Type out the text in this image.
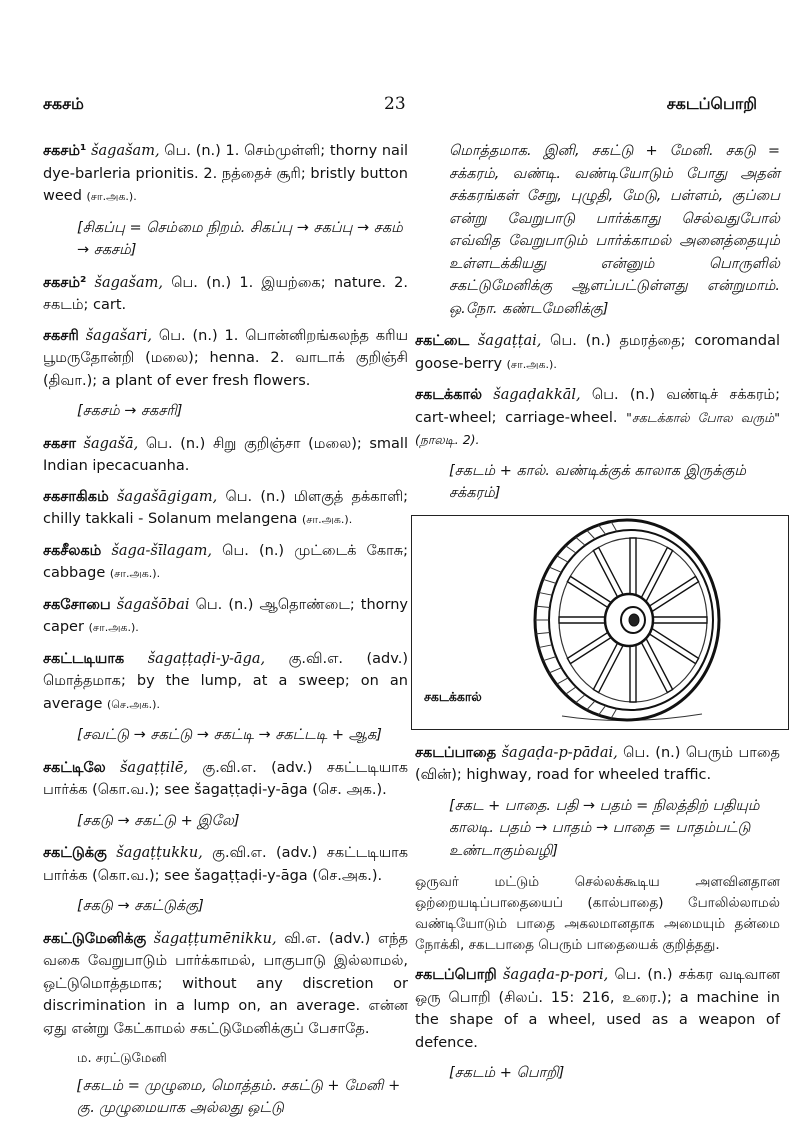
சகசம்	23	சகடப்பொறி
சகசம்¹ šagašam, பெ. (n.) 1. செம்முள்ளி; thorny nail dye-barleria prionitis. 2. நத்தைச் சூரி; bristly button weed (சா.அக.).
[சிகப்பு = செம்மை நிறம். சிகப்பு → சகப்பு → சகம் → சகசம்]
சகசம்² šagašam, பெ. (n.) 1. இயற்கை; nature. 2. சகடம்; cart.
சகசரி šagašari, பெ. (n.) 1. பொன்னிறங்கலந்த கரிய பூமருதோன்றி (மலை); henna. 2. வாடாக் குறிஞ்சி (திவா.); a plant of ever fresh flowers.
[சகசம் → சகசரி]
சகசா šagašā, பெ. (n.) சிறு குறிஞ்சா (மலை); small Indian ipecacuanha.
சகசாகிகம் šagašāgigam, பெ. (n.) மிளகுத் தக்காளி; chilly takkali - Solanum melangena (சா.அக.).
சகசீலகம் šaga-šīlagam, பெ. (n.) முட்டைக் கோசு; cabbage (சா.அக.).
சகசோபை šagašōbai பெ. (n.) ஆதொண்டை; thorny caper (சா.அக.).
சகட்டடியாக šagaṭṭaḍi-y-āga, கு.வி.எ. (adv.) மொத்தமாக; by the lump, at a sweep; on an average (செ.அக.).
[சவட்டு → சகட்டு → சகட்டி → சகட்டடி + ஆக]
சகட்டிலே šagaṭṭilē, கு.வி.எ. (adv.) சகட்டடியாக பார்க்க (கொ.வ.); see šagaṭṭaḍi-y-āga (செ. அக.).
[சகடு → சகட்டு + இலே]
சகட்டுக்கு šagaṭṭukku, கு.வி.எ. (adv.) சகட்டடியாக பார்க்க (கொ.வ.); see šagaṭṭaḍi-y-āga (செ.அக.).
[சகடு → சகட்டுக்கு]
சகட்டுமேனிக்கு šagaṭṭumēnikku, வி.எ. (adv.) எந்த வகை வேறுபாடும் பார்க்காமல், பாகுபாடு இல்லாமல், ஒட்டுமொத்தமாக; without any discretion or discrimination in a lump on, an average. என்ன ஏது என்று கேட்காமல் சகட்டுமேனிக்குப் பேசாதே.
ம. சரட்டுமேனி
[சகடம் = முழுமை, மொத்தம். சகட்டு + மேனி + கு. முழுமையாக அல்லது ஒட்டு
மொத்தமாக. இனி, சகட்டு + மேனி. சகடு = சக்கரம், வண்டி. வண்டியோடும் போது அதன் சக்கரங்கள் சேறு, புழுதி, மேடு, பள்ளம், குப்பை என்று வேறுபாடு பார்க்காது செல்வதுபோல் எவ்வித வேறுபாடும் பார்க்காமல் அனைத்தையும் உள்ளடக்கியது என்னும் பொருளில் சகட்டுமேனிக்கு ஆளப்பட்டுள்ளது என்றுமாம். ஒ.நோ. கண்டமேனிக்கு]
சகட்டை šagaṭṭai, பெ. (n.) தமரத்தை; coromandal goose-berry (சா.அக.).
சகடக்கால் šagaḍakkāl, பெ. (n.) வண்டிச் சக்கரம்; cart-wheel; carriage-wheel. "சகடக்கால் போல வரும்" (நாலடி. 2).
[சகடம் + கால். வண்டிக்குக் காலாக இருக்கும் சக்கரம்]
சகடக்கால்
சகடப்பாதை šagaḍa-p-pādai, பெ. (n.) பெரும் பாதை (வின்); highway, road for wheeled traffic.
[சகட + பாதை. பதி → பதம் = நிலத்திற் பதியும் காலடி. பதம் → பாதம் → பாதை = பாதம்பட்டு உண்டாகும்வழி]
ஒருவர் மட்டும் செல்லக்கூடிய அளவினதான ஒற்றையடிப்பாதையைப் (கால்பாதை) போலில்லாமல் வண்டியோடும் பாதை அகலமானதாக அமையும் தன்மை நோக்கி, சகடபாதை பெரும் பாதையைக் குறித்தது.
சகடப்பொறி šagaḍa-p-pori, பெ. (n.) சக்கர வடிவான ஒரு பொறி (சிலப். 15: 216, உரை.); a machine in the shape of a wheel, used as a weapon of defence.
[சகடம் + பொறி]
